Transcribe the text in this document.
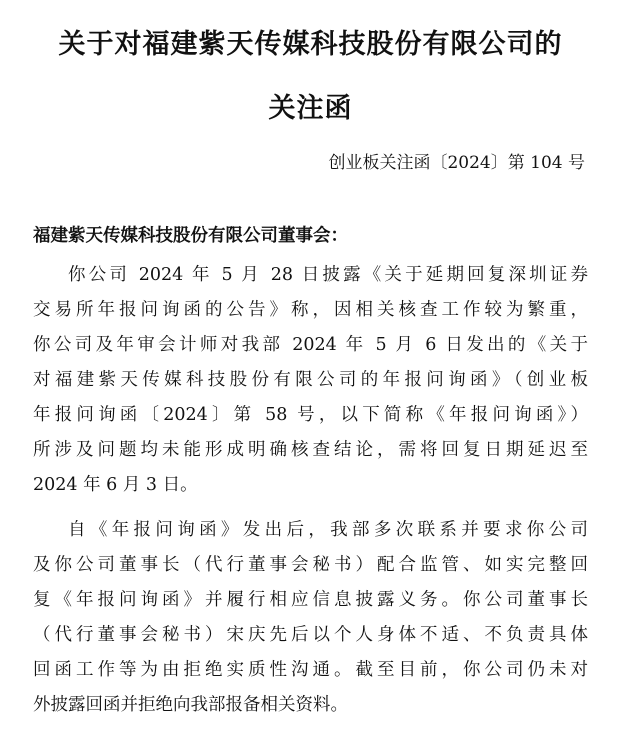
关于对福建紫天传媒科技股份有限公司的
关注函
创业板关注函〔2024〕第 104 号
福建紫天传媒科技股份有限公司董事会：
你公司 2024 年 5 月 28 日披露《关于延期回复深圳证券
交易所年报问询函的公告》称，因相关核查工作较为繁重，
你公司及年审会计师对我部 2024 年 5 月 6 日发出的《关于
对福建紫天传媒科技股份有限公司的年报问询函》（创业板
年报问询函〔2024〕第 58 号，以下简称《年报问询函》）
所涉及问题均未能形成明确核查结论，需将回复日期延迟至
2024 年 6 月 3 日。
自《年报问询函》发出后，我部多次联系并要求你公司
及你公司董事长（代行董事会秘书）配合监管、如实完整回
复《年报问询函》并履行相应信息披露义务。你公司董事长
（代行董事会秘书）宋庆先后以个人身体不适、不负责具体
回函工作等为由拒绝实质性沟通。截至目前，你公司仍未对
外披露回函并拒绝向我部报备相关资料。
